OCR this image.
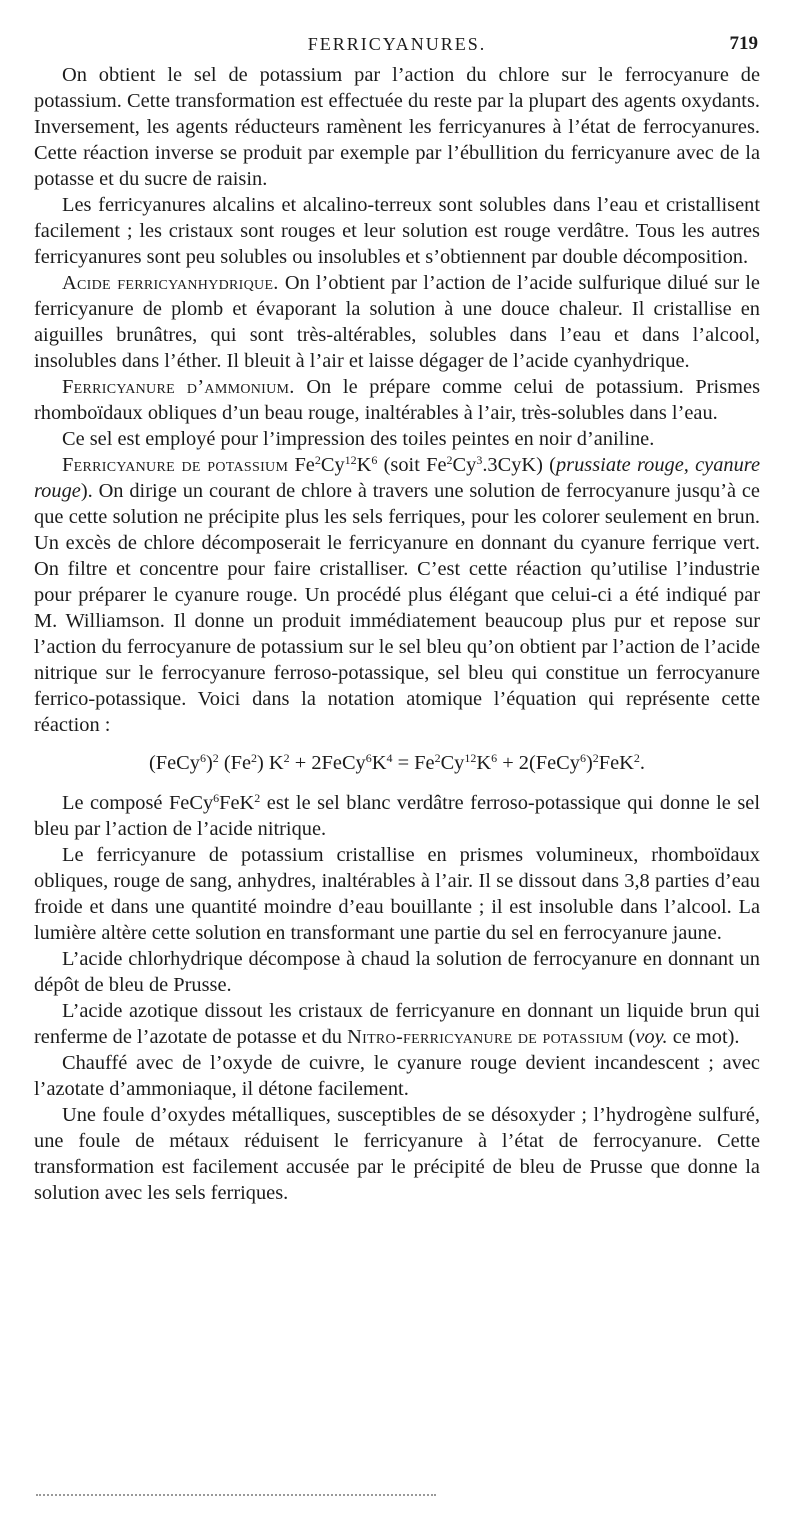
FERRICYANURES.	719

On obtient le sel de potassium par l’action du chlore sur le ferrocyanure de potassium. Cette transformation est effectuée du reste par la plupart des agents oxydants. Inversement, les agents réducteurs ramènent les ferricyanures à l’état de ferrocyanures. Cette réaction inverse se produit par exemple par l’ébullition du ferricyanure avec de la potasse et du sucre de raisin.

Les ferricyanures alcalins et alcalino-terreux sont solubles dans l’eau et cristallisent facilement ; les cristaux sont rouges et leur solution est rouge verdâtre. Tous les autres ferricyanures sont peu solubles ou insolubles et s’obtiennent par double décomposition.

Acide ferricyanhydrique. On l’obtient par l’action de l’acide sulfurique dilué sur le ferricyanure de plomb et évaporant la solution à une douce chaleur. Il cristallise en aiguilles brunâtres, qui sont très-altérables, solubles dans l’eau et dans l’alcool, insolubles dans l’éther. Il bleuit à l’air et laisse dégager de l’acide cyanhydrique.

Ferricyanure d’ammonium. On le prépare comme celui de potassium. Prismes rhomboïdaux obliques d’un beau rouge, inaltérables à l’air, très-solubles dans l’eau.

Ce sel est employé pour l’impression des toiles peintes en noir d’aniline.

Ferricyanure de potassium $Fe^2Cy^{12}K^6$ (soit Fe$^2$Cy$^3$.3CyK) (prussiate rouge, cyanure rouge). On dirige un courant de chlore à travers une solution de ferrocyanure jusqu’à ce que cette solution ne précipite plus les sels ferriques, pour les colorer seulement en brun. Un excès de chlore décomposerait le ferricyanure en donnant du cyanure ferrique vert. On filtre et concentre pour faire cristalliser. C’est cette réaction qu’utilise l’industrie pour préparer le cyanure rouge. Un procédé plus élégant que celui-ci a été indiqué par M. Williamson. Il donne un produit immédiatement beaucoup plus pur et repose sur l’action du ferrocyanure de potassium sur le sel bleu qu’on obtient par l’action de l’acide nitrique sur le ferrocyanure ferroso-potassique, sel bleu qui constitue un ferrocyanure ferrico-potassique. Voici dans la notation atomique l’équation qui représente cette réaction :

(FeCy$^6$)$^2$ (Fe$^2$) $K^2$ + $2FeCy^6K^4 = Fe^2Cy^{12}K^6$ + 2(FeCy$^6$)$^2$FeK$^2$.

Le composé FeCy$^6$FeK$^2$ est le sel blanc verdâtre ferroso-potassique qui donne le sel bleu par l’action de l’acide nitrique.

Le ferricyanure de potassium cristallise en prismes volumineux, rhomboïdaux obliques, rouge de sang, anhydres, inaltérables à l’air. Il se dissout dans 3,8 parties d’eau froide et dans une quantité moindre d’eau bouillante ; il est insoluble dans l’alcool. La lumière altère cette solution en transformant une partie du sel en ferrocyanure jaune.

L’acide chlorhydrique décompose à chaud la solution de ferrocyanure en donnant un dépôt de bleu de Prusse.

L’acide azotique dissout les cristaux de ferricyanure en donnant un liquide brun qui renferme de l’azotate de potasse et du Nitro-ferricyanure de potassium (voy. ce mot).

Chauffé avec de l’oxyde de cuivre, le cyanure rouge devient incandescent ; avec l’azotate d’ammoniaque, il détone facilement.

Une foule d’oxydes métalliques, susceptibles de se désoxyder ; l’hydrogène sulfuré, une foule de métaux réduisent le ferricyanure à l’état de ferrocyanure. Cette transformation est facilement accusée par le précipité de bleu de Prusse que donne la solution avec les sels ferriques.
